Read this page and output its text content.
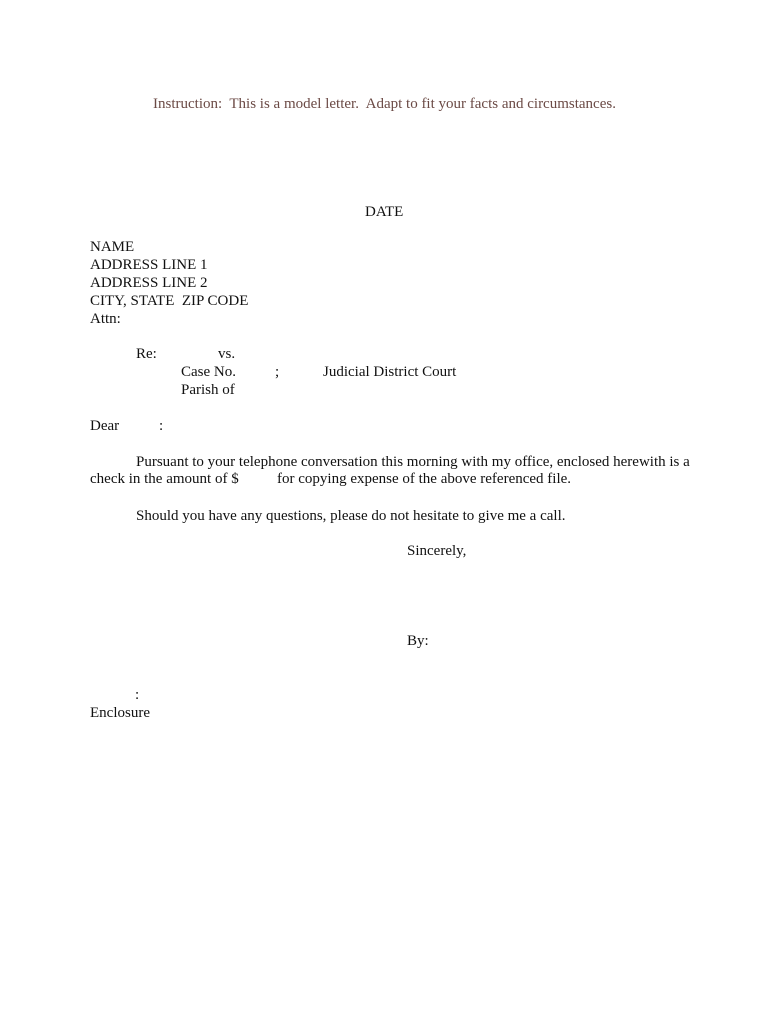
Instruction:  This is a model letter.  Adapt to fit your facts and circumstances.
DATE
NAME
ADDRESS LINE 1
ADDRESS LINE 2
CITY, STATE  ZIP CODE
Attn:
Re:	vs.
Case No.	;	Judicial District Court
Parish of
Dear	:
Pursuant to your telephone conversation this morning with my office, enclosed herewith is a
check in the amount of $	for copying expense of the above referenced file.
Should you have any questions, please do not hesitate to give me a call.
Sincerely,
By:
:
Enclosure
